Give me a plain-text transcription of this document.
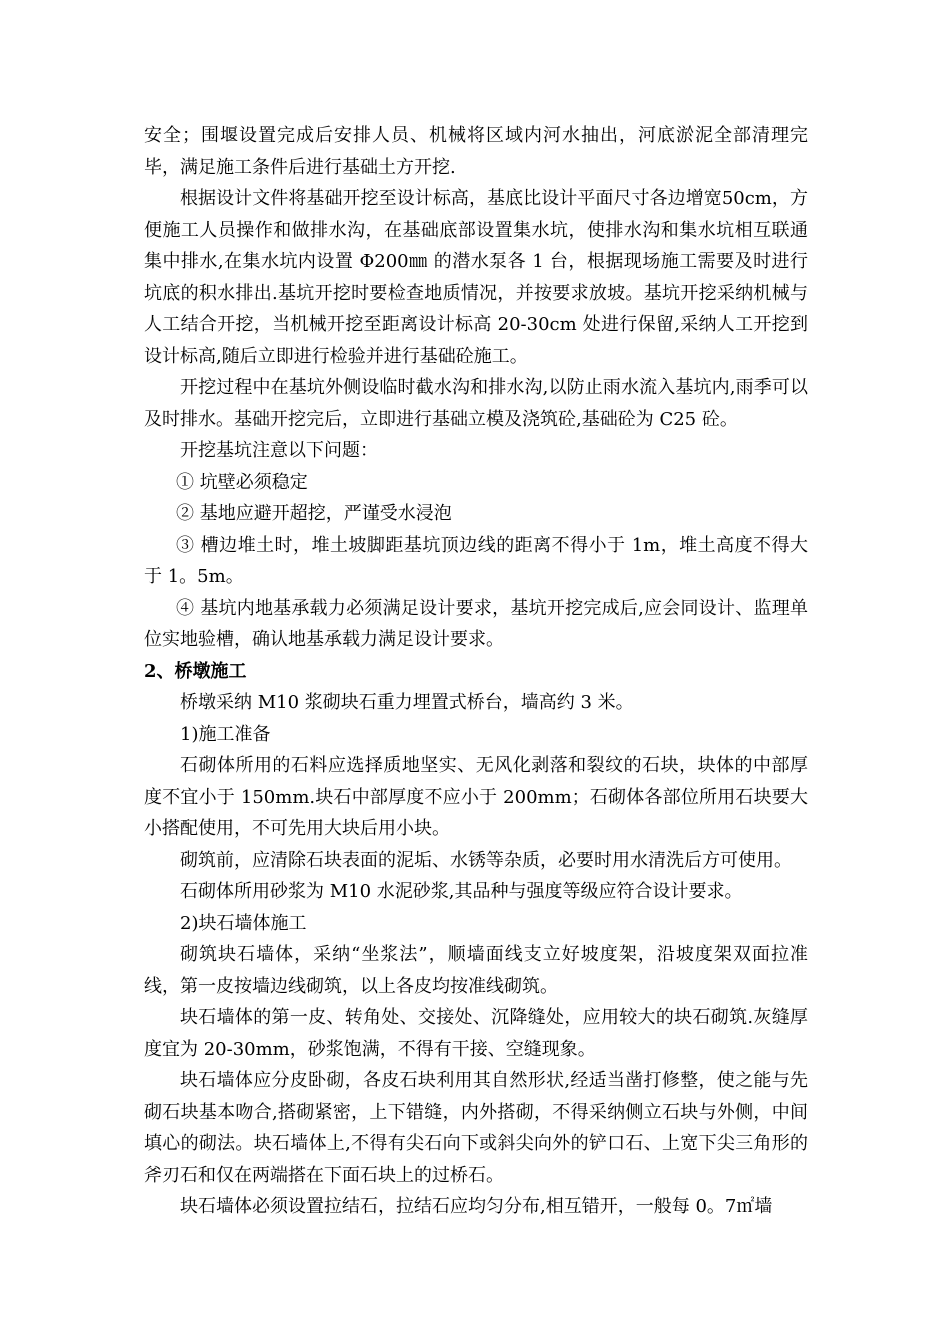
安全；围堰设置完成后安排人员、机械将区域内河水抽出，河底淤泥全部清理完毕，满足施工条件后进行基础土方开挖.

根据设计文件将基础开挖至设计标高，基底比设计平面尺寸各边增宽50cm，方便施工人员操作和做排水沟，在基础底部设置集水坑，使排水沟和集水坑相互联通集中排水,在集水坑内设置 Φ200㎜ 的潜水泵各 1 台，根据现场施工需要及时进行坑底的积水排出.基坑开挖时要检查地质情况，并按要求放坡。基坑开挖采纳机械与人工结合开挖，当机械开挖至距离设计标高 20-30cm 处进行保留,采纳人工开挖到设计标高,随后立即进行检验并进行基础砼施工。

开挖过程中在基坑外侧设临时截水沟和排水沟,以防止雨水流入基坑内,雨季可以及时排水。基础开挖完后，立即进行基础立模及浇筑砼,基础砼为 C25 砼。

开挖基坑注意以下问题：

① 坑壁必须稳定

② 基地应避开超挖，严谨受水浸泡

③ 槽边堆土时，堆土坡脚距基坑顶边线的距离不得小于 1m，堆土高度不得大于 1。5m。

④ 基坑内地基承载力必须满足设计要求，基坑开挖完成后,应会同设计、监理单位实地验槽，确认地基承载力满足设计要求。

2、桥墩施工

桥墩采纳 M10 浆砌块石重力埋置式桥台，墙高约 3 米。

1)施工准备

石砌体所用的石料应选择质地坚实、无风化剥落和裂纹的石块，块体的中部厚度不宜小于 150mm.块石中部厚度不应小于 200mm；石砌体各部位所用石块要大小搭配使用，不可先用大块后用小块。

砌筑前，应清除石块表面的泥垢、水锈等杂质，必要时用水清洗后方可使用。

石砌体所用砂浆为 M10 水泥砂浆,其品种与强度等级应符合设计要求。

2)块石墙体施工

砌筑块石墙体，采纳“坐浆法”，顺墙面线支立好坡度架，沿坡度架双面拉准线，第一皮按墙边线砌筑，以上各皮均按准线砌筑。

块石墙体的第一皮、转角处、交接处、沉降缝处，应用较大的块石砌筑.灰缝厚度宜为 20-30mm，砂浆饱满，不得有干接、空缝现象。

块石墙体应分皮卧砌，各皮石块利用其自然形状,经适当凿打修整，使之能与先砌石块基本吻合,搭砌紧密，上下错缝，内外搭砌，不得采纳侧立石块与外侧，中间填心的砌法。块石墙体上,不得有尖石向下或斜尖向外的铲口石、上宽下尖三角形的斧刃石和仅在两端搭在下面石块上的过桥石。

块石墙体必须设置拉结石，拉结石应均匀分布,相互错开，一般每 0。7㎡墙
